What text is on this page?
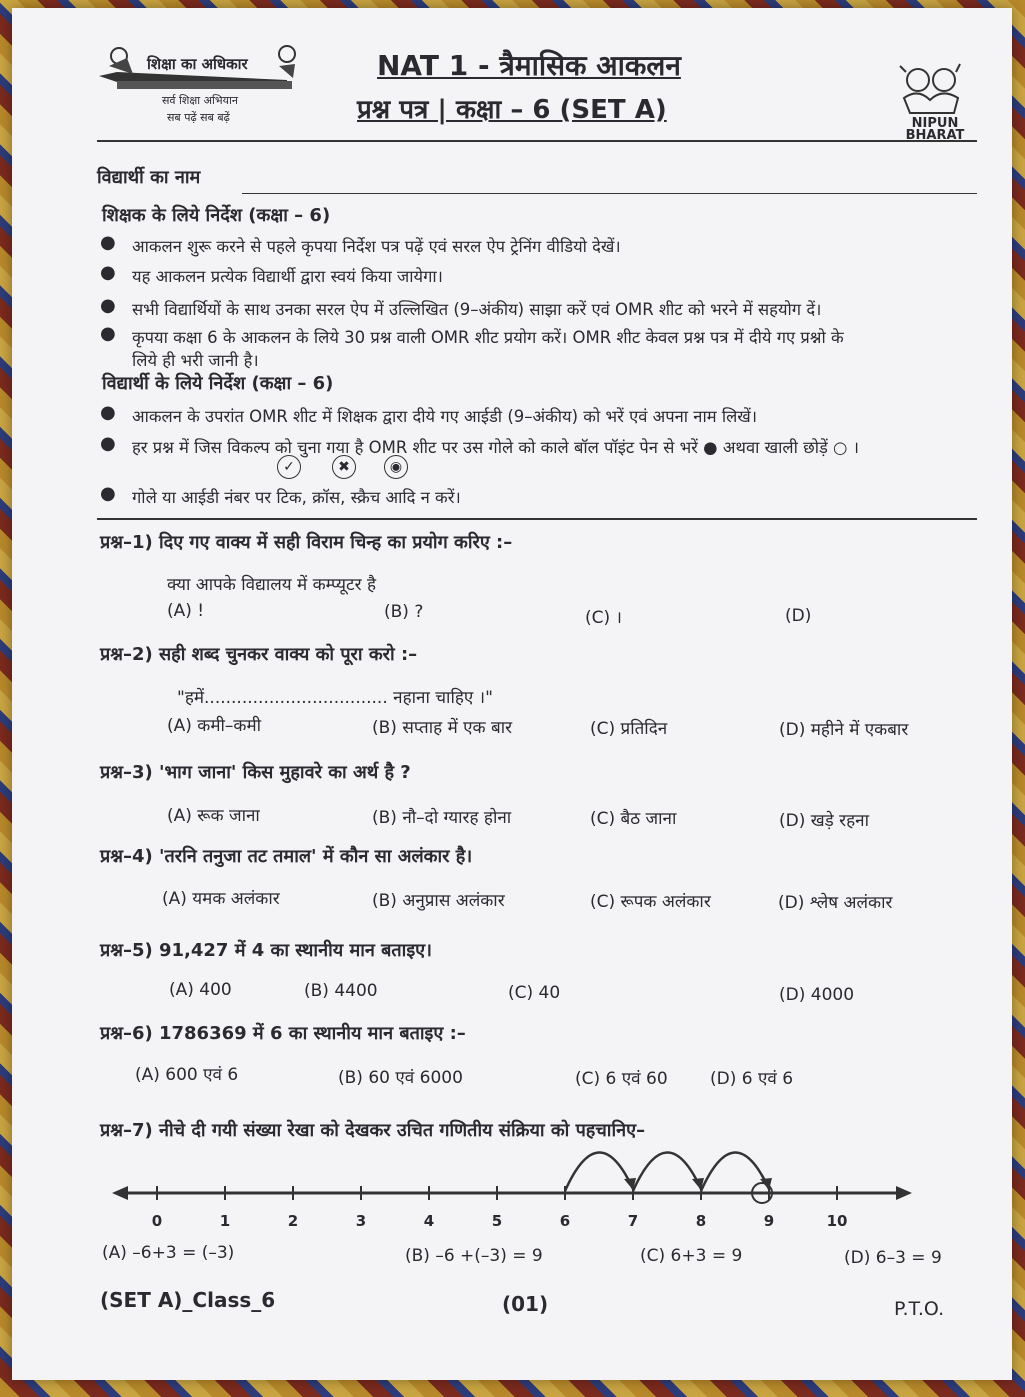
शिक्षा का अधिकार
सर्व शिक्षा अभियान
सब पढ़ें सब बढ़ें
NAT 1 - त्रैमासिक आकलन
प्रश्न पत्र | कक्षा – 6 (SET A)	NIPUN BHARAT
विद्यार्थी का नाम
शिक्षक के लिये निर्देश (कक्षा – 6)
● आकलन शुरू करने से पहले कृपया निर्देश पत्र पढ़ें एवं सरल ऐप ट्रेनिंग वीडियो देखें।
● यह आकलन प्रत्येक विद्यार्थी द्वारा स्वयं किया जायेगा।
● सभी विद्यार्थियों के साथ उनका सरल ऐप में उल्लिखित (9–अंकीय) साझा करें एवं OMR शीट को भरने में सहयोग दें।
● कृपया कक्षा 6 के आकलन के लिये 30 प्रश्न वाली OMR शीट प्रयोग करें। OMR शीट केवल प्रश्न पत्र में दीये गए प्रश्नो के
लिये ही भरी जानी है।
विद्यार्थी के लिये निर्देश (कक्षा – 6)
● आकलन के उपरांत OMR शीट में शिक्षक द्वारा दीये गए आईडी (9–अंकीय) को भरें एवं अपना नाम लिखें।
● हर प्रश्न में जिस विकल्प को चुना गया है OMR शीट पर उस गोले को काले बॉल पॉइंट पेन से भरें ● अथवा खाली छोड़ें ○ ।
✓	✖	◉
● गोले या आईडी नंबर पर टिक, क्रॉस, स्क्रैच आदि न करें।
प्रश्न–1) दिए गए वाक्य में सही विराम चिन्ह का प्रयोग करिए :–
क्या आपके विद्यालय में कम्प्यूटर है
(A) !	(B) ?	(C) ।	(D)
प्रश्न–2) सही शब्द चुनकर वाक्य को पूरा करो :–
"हमें.................................. नहाना चाहिए ।"
(A) कमी–कमी	(B) सप्ताह में एक बार	(C) प्रतिदिन	(D) महीने में एकबार
प्रश्न–3) 'भाग जाना' किस मुहावरे का अर्थ है ?
(A) रूक जाना	(B) नौ–दो ग्यारह होना	(C) बैठ जाना	(D) खड़े रहना
प्रश्न–4) 'तरनि तनुजा तट तमाल' में कौन सा अलंकार है।
(A) यमक अलंकार	(B) अनुप्रास अलंकार	(C) रूपक अलंकार	(D) श्लेष अलंकार
प्रश्न–5) 91,427 में 4 का स्थानीय मान बताइए।
(A) 400	(B) 4400	(C) 40	(D) 4000
प्रश्न–6) 1786369 में 6 का स्थानीय मान बताइए :–
(A) 600 एवं 6	(B) 60 एवं 6000	(C) 6 एवं 60 (D) 6 एवं 6
प्रश्न–7) नीचे दी गयी संख्या रेखा को देखकर उचित गणितीय संक्रिया को पहचानिए–
0	1	2	3	4	5	6	7	8	9	10
(A) –6+3 = (–3)	(B) –6 +(–3) = 9	(C) 6+3 = 9	(D) 6–3 = 9
(SET A)_Class_6	(01)	P.T.O.
